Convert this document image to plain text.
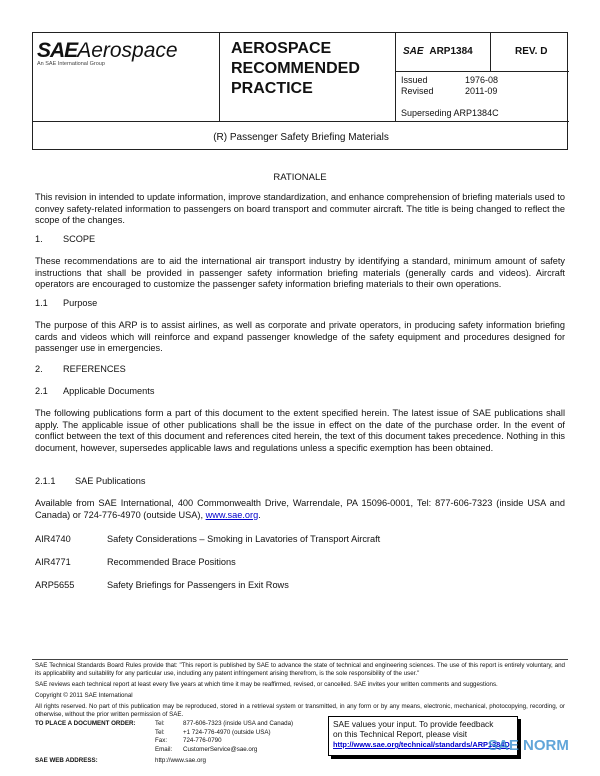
SAEAerospace
An SAE International Group
AEROSPACE
RECOMMENDED
PRACTICE
SAE ARP1384	REV. D
Issued	1976-08
Revised	2011-09
Superseding ARP1384C
(R) Passenger Safety Briefing Materials
RATIONALE
This revision in intended to update information, improve standardization, and enhance comprehension of briefing materials used to convey safety-related information to passengers on board transport and commuter aircraft. The title is being changed to reflect the scope of the changes.
1. SCOPE
These recommendations are to aid the international air transport industry by identifying a standard, minimum amount of safety instructions that shall be provided in passenger safety information briefing materials (generally cards and videos). Aircraft operators are encouraged to customize the passenger safety information briefing materials to their own operations.
1.1 Purpose
The purpose of this ARP is to assist airlines, as well as corporate and private operators, in producing safety information briefing cards and videos which will reinforce and expand passenger knowledge of the safety equipment and procedures designed for passenger use in emergencies.
2. REFERENCES
2.1 Applicable Documents
The following publications form a part of this document to the extent specified herein. The latest issue of SAE publications shall apply. The applicable issue of other publications shall be the issue in effect on the date of the purchase order. In the event of conflict between the text of this document and references cited herein, the text of this document takes precedence. Nothing in this document, however, supersedes applicable laws and regulations unless a specific exemption has been obtained.
2.1.1 SAE Publications
Available from SAE International, 400 Commonwealth Drive, Warrendale, PA 15096-0001, Tel: 877-606-7323 (inside USA and Canada) or 724-776-4970 (outside USA), www.sae.org.
AIR4740	Safety Considerations – Smoking in Lavatories of Transport Aircraft
AIR4771	Recommended Brace Positions
ARP5655	Safety Briefings for Passengers in Exit Rows
SAE Technical Standards Board Rules provide that: "This report is published by SAE to advance the state of technical and engineering sciences. The use of this report is entirely voluntary, and its applicability and suitability for any particular use, including any patent infringement arising therefrom, is the sole responsibility of the user."
SAE reviews each technical report at least every five years at which time it may be reaffirmed, revised, or cancelled. SAE invites your written comments and suggestions.
Copyright © 2011 SAE International
All rights reserved. No part of this publication may be reproduced, stored in a retrieval system or transmitted, in any form or by any means, electronic, mechanical, photocopying, recording, or otherwise, without the prior written permission of SAE.
TO PLACE A DOCUMENT ORDER:	Tel:	877-606-7323 (inside USA and Canada)
Tel:	+1 724-776-4970 (outside USA)
Fax:	724-776-0790
Email: CustomerService@sae.org
SAE WEB ADDRESS:	http://www.sae.org
SAE values your input. To provide feedback
on this Technical Report, please visit
http://www.sae.org/technical/standards/ARP1384D
SAE NORM
